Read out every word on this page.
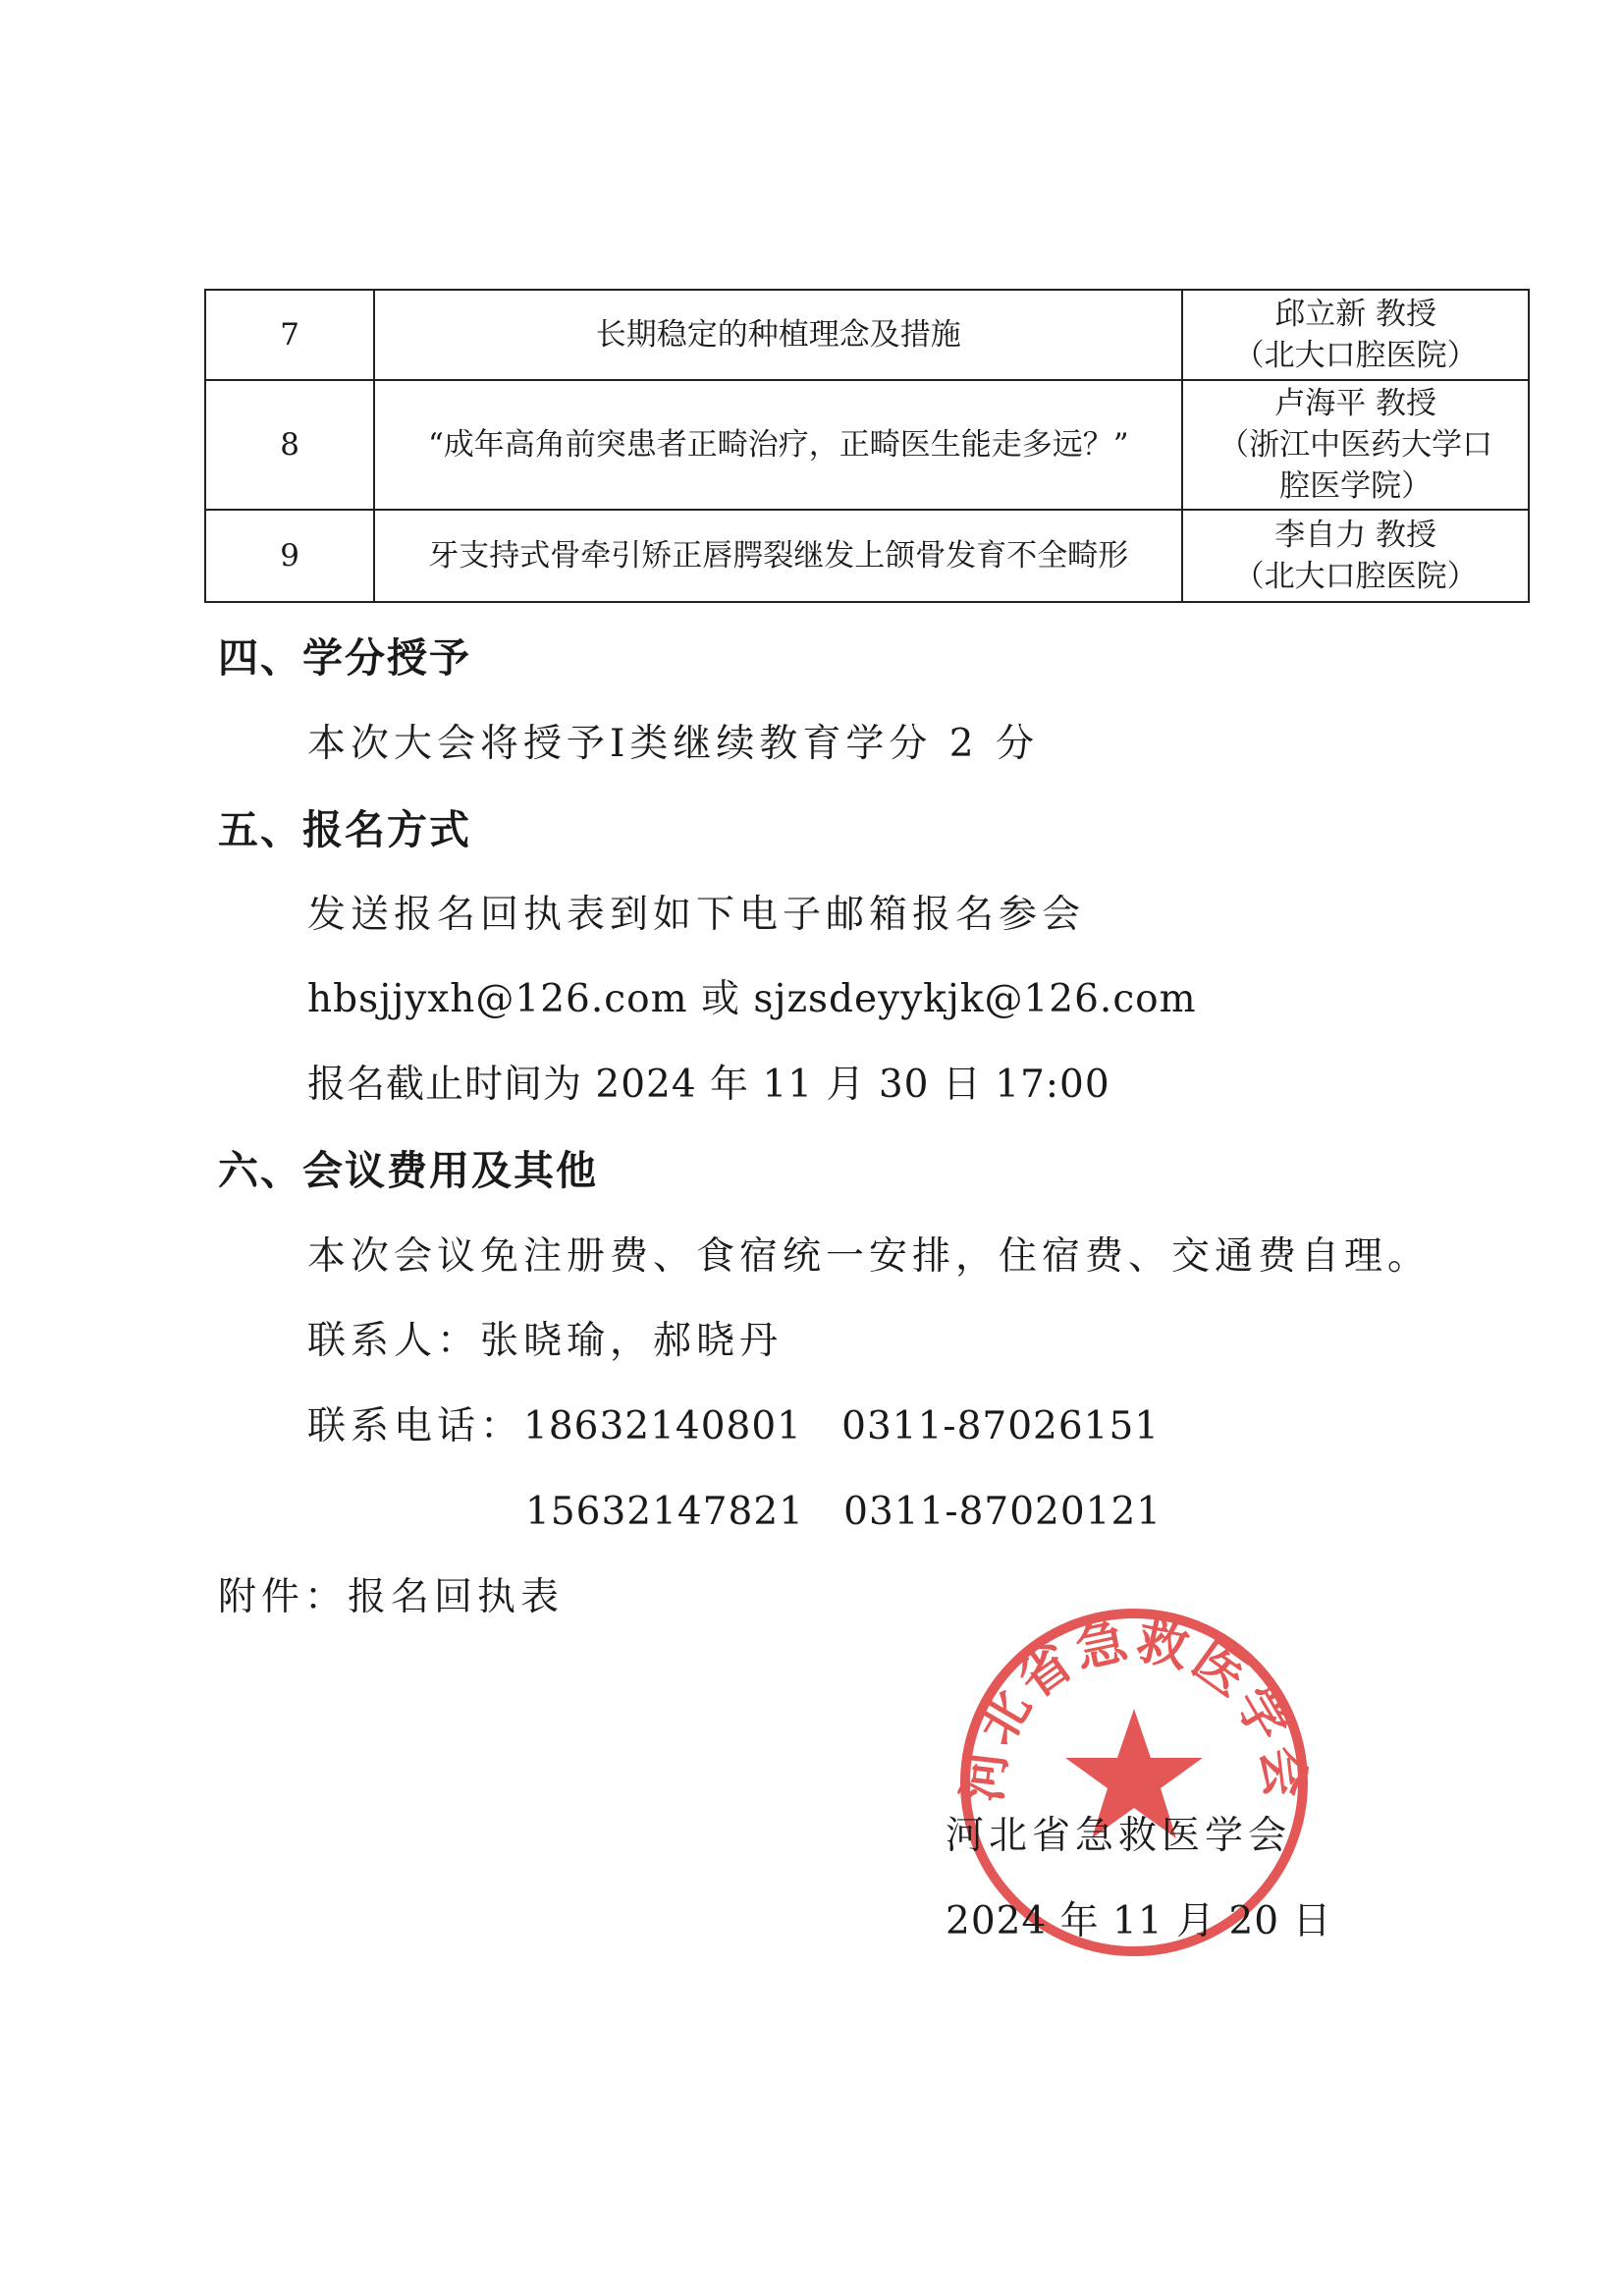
7	长期稳定的种植理念及措施	邱立新 教授
（北大口腔医院）

8	“成年高角前突患者正畸治疗，正畸医生能走多远？”	卢海平 教授
（浙江中医药大学口
腔医学院）

9	牙支持式骨牵引矫正唇腭裂继发上颌骨发育不全畸形	李自力 教授
（北大口腔医院）
四、学分授予
本次大会将授予Ⅰ类继续教育学分 2 分
五、报名方式
发送报名回执表到如下电子邮箱报名参会
hbsjjyxh@126.com 或 sjzsdeyykjk@126.com
报名截止时间为 2024 年 11 月 30 日 17:00
六、会议费用及其他
本次会议免注册费、食宿统一安排，住宿费、交通费自理。
联系人：张晓瑜，郝晓丹
联系电话：18632140801   0311-87026151
15632147821   0311-87020121
附件：报名回执表
河北省急救医学会
河北省急救医学会
2024 年 11 月 20 日
